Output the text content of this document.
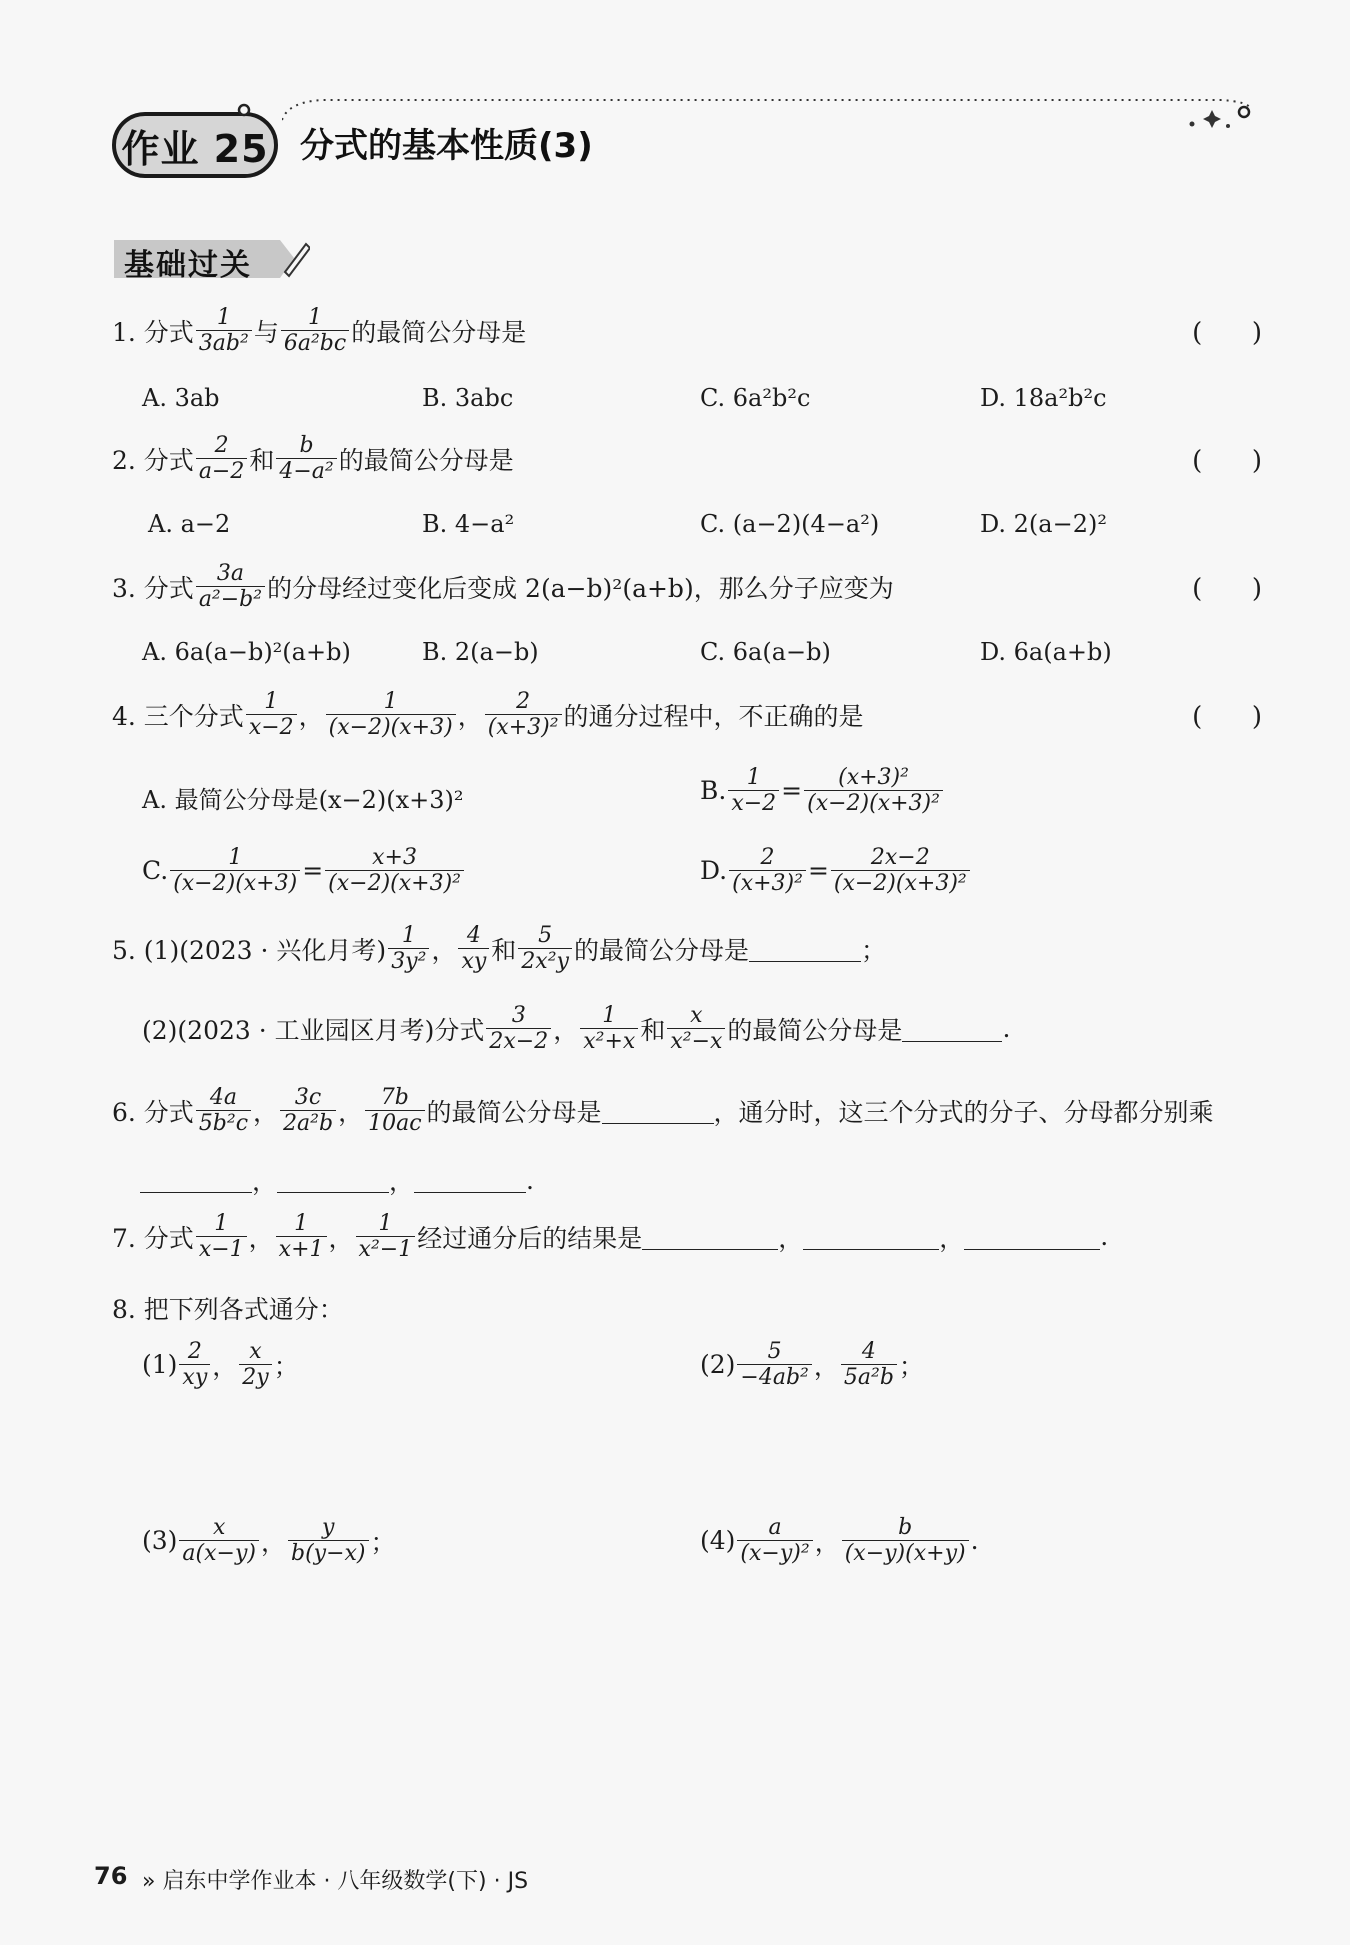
作业 25 分式的基本性质(3)
基础过关
1. 分式 $\frac{1}{\text{3ab²}}$ 与 $\frac{1}{\text{6a²bc}}$ 的最简公分母是	(      )
A. 3ab	B. 3abc	C. 6a²b²c	D. 18a²b²c
2. 分式 $\frac{2}{a-2}$ 和 $\frac{b}{\text{4−a²}}$ 的最简公分母是	(      )
A. a−2	B. 4−a²	C. (a−2)(4−a²)	D. 2(a−2)²
3. 分式 $\frac{3a}{\text{a²−b²}}$ 的分母经过变化后变成 2(a−b)²(a+b)，那么分子应变为	(      )
A. 6a(a−b)²(a+b)	B. 2(a−b)	C. 6a(a−b)	D. 6a(a+b)
4. 三个分式 $\frac{1}{x-2}$ ， $\frac{1}{(x-2)(x+3)}$ ， $\frac{2}{\text{(x+3)²}}$ 的通分过程中，不正确的是	(      )
A. 最简公分母是(x−2)(x+3)²	B. $\frac{1}{x-2} = \frac{\text{(x+3)²}}{\text{(x−2)(x+3)²}}$
C. $\frac{1}{(x-2)(x+3)} = \frac{x+3}{\text{(x−2)(x+3)²}}$	D. $\frac{2}{\text{(x+3)²}} = \frac{2x-2}{\text{(x−2)(x+3)²}}$
5. (1)(2023 · 兴化月考) $\frac{1}{\text{3y²}}$ ， $\frac{4}{xy}$ 和 $\frac{5}{\text{2x²y}}$ 的最简公分母是	；
(2)(2023 · 工业园区月考)分式 $\frac{3}{2x-2}$ ， $\frac{1}{\text{x²+x}}$ 和 $\frac{x}{\text{x²−x}}$ 的最简公分母是	.
6. 分式 $\frac{4a}{\text{5b²c}}$ ， $\frac{3c}{\text{2a²b}}$ ， $\frac{7b}{10ac}$ 的最简公分母是	，通分时，这三个分式的分子、分母都分别乘
，	，	.
7. 分式 $\frac{1}{x-1}$ ， $\frac{1}{x+1}$ ， $\frac{1}{\text{x²−1}}$ 经过通分后的结果是	，	，	.
8. 把下列各式通分：
$(1) \frac{2}{xy}$ ， $\frac{x}{2y}$ ；	$(2) \frac{5}{\text{−4ab²}}$ ， $\frac{4}{\text{5a²b}}$ ；
$(3) \frac{x}{a(x-y)}$ ， $\frac{y}{b(y-x)}$ ；	$(4) \frac{a}{\text{(x−y)²}}$ ， $\frac{b}{(x-y)(x+y)}$ .
76 » 启东中学作业本 · 八年级数学(下) · JS
